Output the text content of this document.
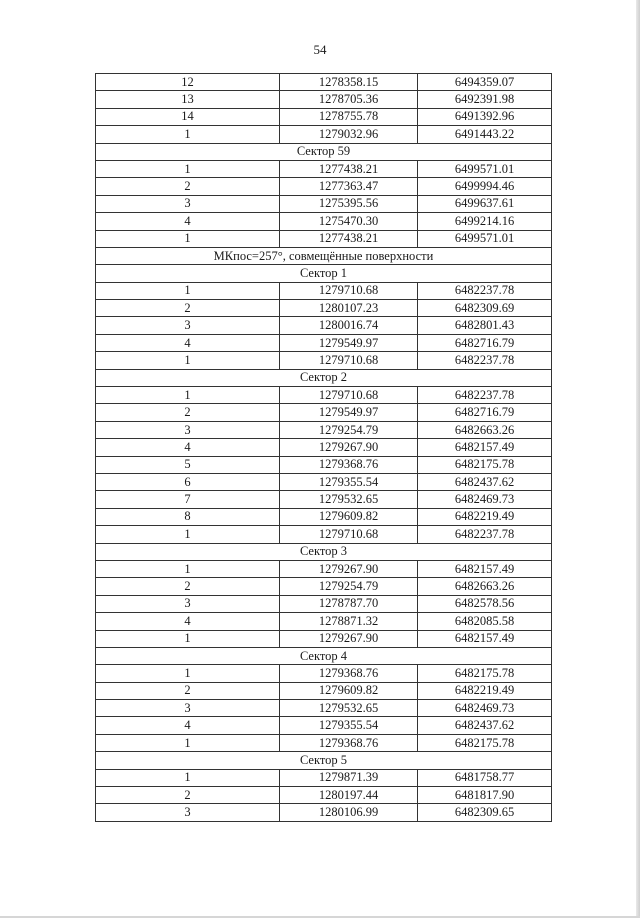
54
12	1278358.15	6494359.07
13	1278705.36	6492391.98
14	1278755.78	6491392.96
1	1279032.96	6491443.22
Сектор 59		
1	1277438.21	6499571.01
2	1277363.47	6499994.46
3	1275395.56	6499637.61
4	1275470.30	6499214.16
1	1277438.21	6499571.01
МКпос=257°, совмещённые поверхности		
Сектор 1		
1	1279710.68	6482237.78
2	1280107.23	6482309.69
3	1280016.74	6482801.43
4	1279549.97	6482716.79
1	1279710.68	6482237.78
Сектор 2		
1	1279710.68	6482237.78
2	1279549.97	6482716.79
3	1279254.79	6482663.26
4	1279267.90	6482157.49
5	1279368.76	6482175.78
6	1279355.54	6482437.62
7	1279532.65	6482469.73
8	1279609.82	6482219.49
1	1279710.68	6482237.78
Сектор 3		
1	1279267.90	6482157.49
2	1279254.79	6482663.26
3	1278787.70	6482578.56
4	1278871.32	6482085.58
1	1279267.90	6482157.49
Сектор 4		
1	1279368.76	6482175.78
2	1279609.82	6482219.49
3	1279532.65	6482469.73
4	1279355.54	6482437.62
1	1279368.76	6482175.78
Сектор 5		
1	1279871.39	6481758.77
2	1280197.44	6481817.90
3	1280106.99	6482309.65
